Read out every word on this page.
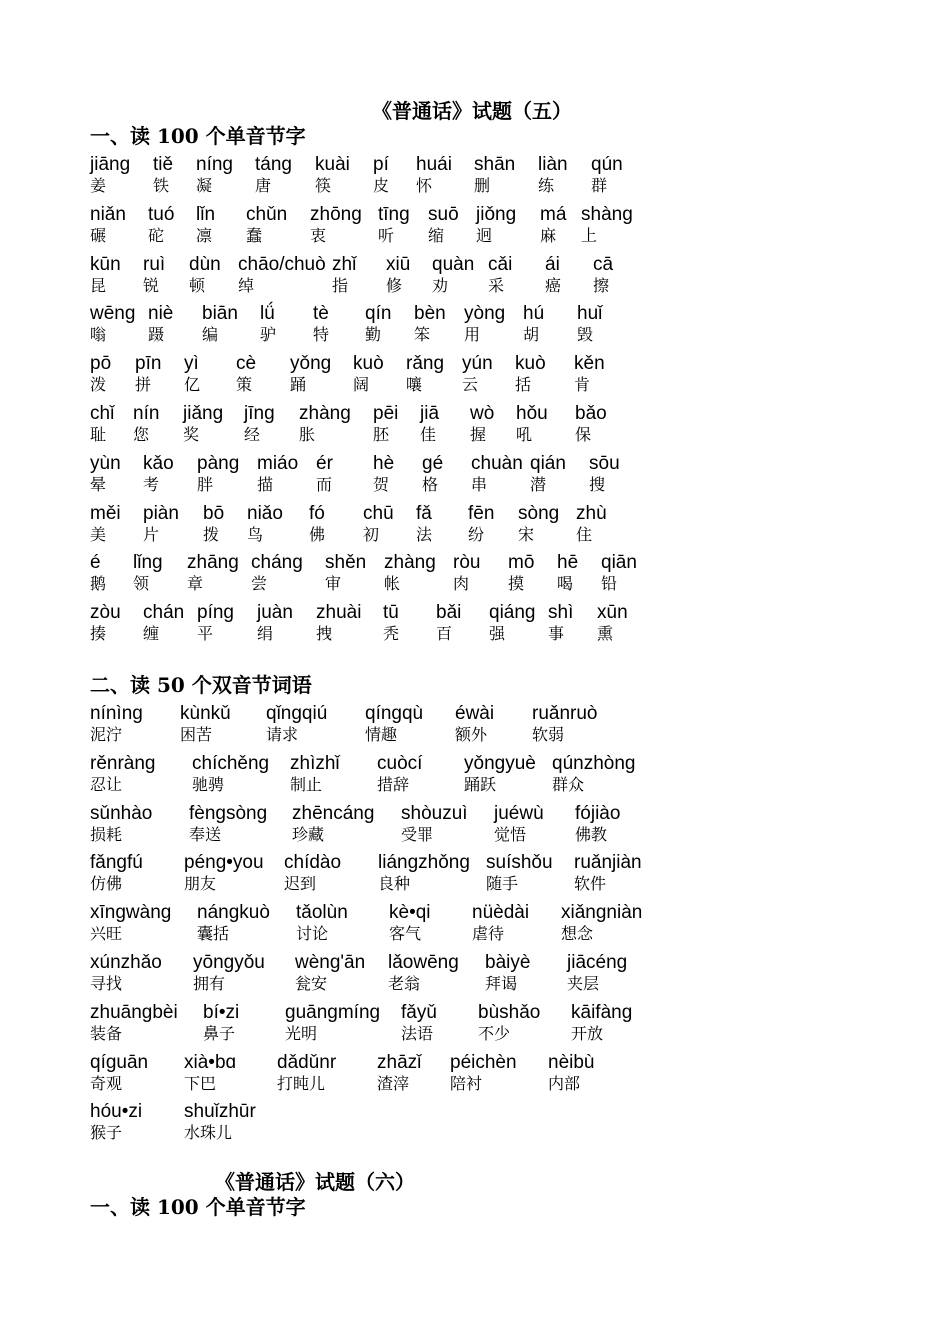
《普通话》试题（五）
一、读 100 个单音节字
jiāng
姜
tiě
铁
níng
凝
táng
唐
kuài
筷
pí
皮
huái
怀
shān
删
liàn
练
qún
群
niǎn
碾
tuó
砣
lǐn
凛
chǔn
蠢
zhōng
衷
tīng
听
suō
缩
jiǒng
迥
má
麻
shàng
上
kūn
昆
ruì
锐
dùn
顿
chāo/chuò
绰
zhǐ
指
xiū
修
quàn
劝
cǎi
采
ái
癌
cā
擦
wēng
嗡
niè
蹑
biān
编
lǘ
驴
tè
特
qín
勤
bèn
笨
yòng
用
hú
胡
huǐ
毁
pō
泼
pīn
拼
yì
亿
cè
策
yǒng
踊
kuò
阔
rǎng
嚷
yún
云
kuò
括
kěn
肯
chǐ
耻
nín
您
jiǎng
奖
jīng
经
zhàng
胀
pēi
胚
jiā
佳
wò
握
hǒu
吼
bǎo
保
yùn
晕
kǎo
考
pàng
胖
miáo
描
ér
而
hè
贺
gé
格
chuàn
串
qián
潜
sōu
搜
měi
美
piàn
片
bō
拨
niǎo
鸟
fó
佛
chū
初
fǎ
法
fēn
纷
sòng
宋
zhù
住
é
鹅
lǐng
领
zhāng
章
cháng
尝
shěn
审
zhàng
帐
ròu
肉
mō
摸
hē
喝
qiān
铅
zòu
揍
chán
缠
píng
平
juàn
绢
zhuài
拽
tū
秃
bǎi
百
qiáng
强
shì
事
xūn
熏
二、读 50 个双音节词语
nínìng
泥泞
kùnkǔ
困苦
qǐngqiú
请求
qíngqù
情趣
éwài
额外
ruǎnruò
软弱
rěnràng
忍让
chíchěng
驰骋
zhìzhǐ
制止
cuòcí
措辞
yǒngyuè
踊跃
qúnzhòng
群众
sǔnhào
损耗
fèngsòng
奉送
zhēncáng
珍藏
shòuzuì
受罪
juéwù
觉悟
fójiào
佛教
fǎngfú
仿佛
péng•you
朋友
chídào
迟到
liángzhǒng
良种
suíshǒu
随手
ruǎnjiàn
软件
xīngwàng
兴旺
nángkuò
囊括
tǎolùn
讨论
kè•qi
客气
nüèdài
虐待
xiǎngniàn
想念
xúnzhǎo
寻找
yōngyǒu
拥有
wèng'ān
瓮安
lǎowēng
老翁
bàiyè
拜谒
jiācéng
夹层
zhuāngbèi
装备
bí•zi
鼻子
guāngmíng
光明
fǎyǔ
法语
bùshǎo
不少
kāifàng
开放
qíguān
奇观
xià•bɑ
下巴
dǎdǔnr
打盹儿
zhāzǐ
渣滓
péichèn
陪衬
nèibù
内部
hóu•zi
猴子
shuǐzhūr
水珠儿
《普通话》试题（六）
一、读 100 个单音节字
